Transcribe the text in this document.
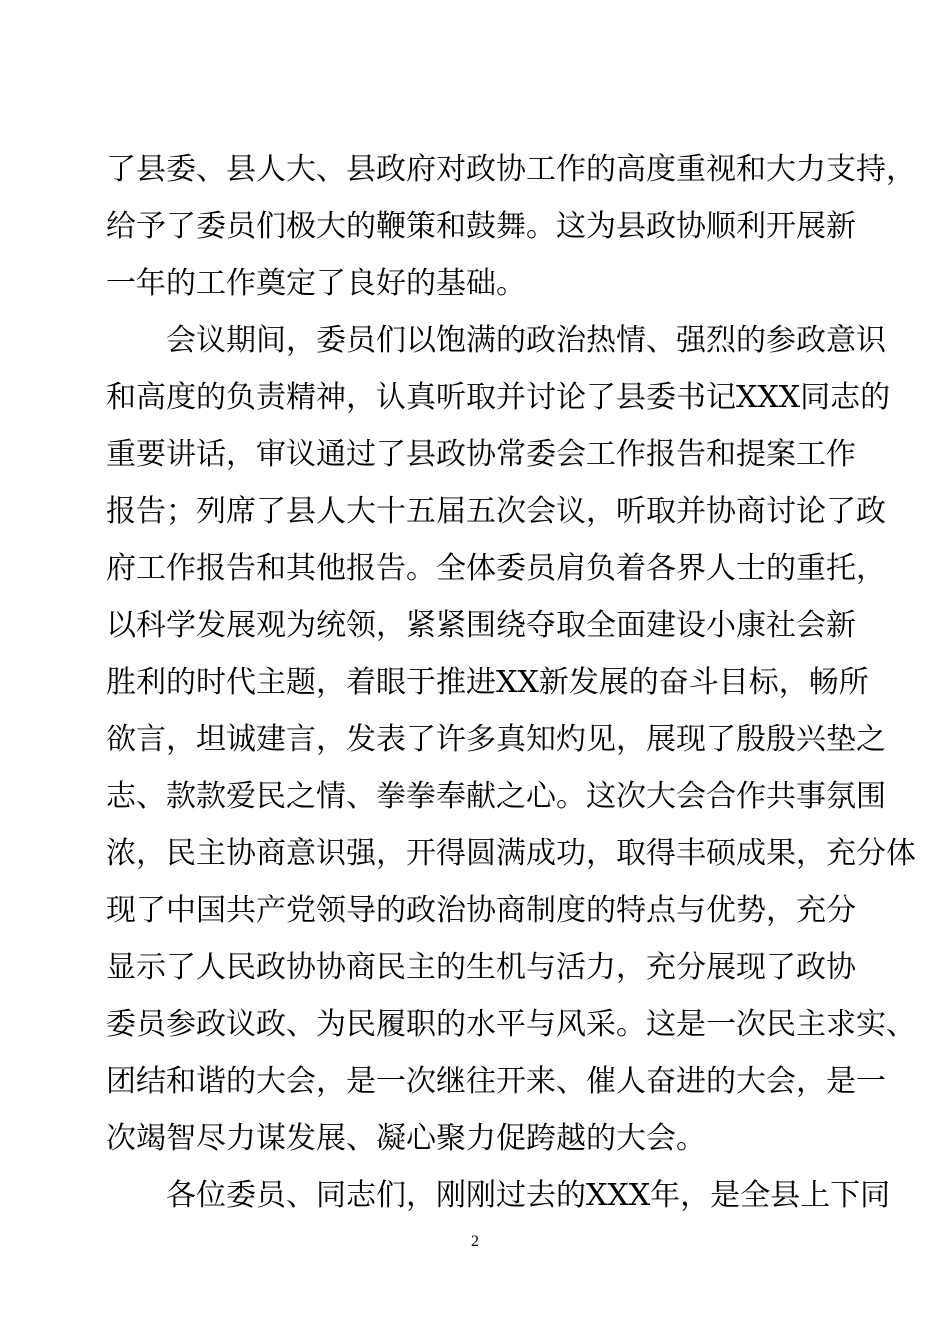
了县委、县人大、县政府对政协工作的高度重视和大力支持，
给予了委员们极大的鞭策和鼓舞。这为县政协顺利开展新
一年的工作奠定了良好的基础。
会议期间，委员们以饱满的政治热情、强烈的参政意识
和高度的负责精神，认真听取并讨论了县委书记XXX同志的
重要讲话，审议通过了县政协常委会工作报告和提案工作
报告；列席了县人大十五届五次会议，听取并协商讨论了政
府工作报告和其他报告。全体委员肩负着各界人士的重托，
以科学发展观为统领，紧紧围绕夺取全面建设小康社会新
胜利的时代主题，着眼于推进XX新发展的奋斗目标，畅所
欲言，坦诚建言，发表了许多真知灼见，展现了殷殷兴垫之
志、款款爱民之情、拳拳奉献之心。这次大会合作共事氛围
浓，民主协商意识强，开得圆满成功，取得丰硕成果，充分体
现了中国共产党领导的政治协商制度的特点与优势，充分
显示了人民政协协商民主的生机与活力，充分展现了政协
委员参政议政、为民履职的水平与风采。这是一次民主求实、
团结和谐的大会，是一次继往开来、催人奋进的大会，是一
次竭智尽力谋发展、凝心聚力促跨越的大会。
各位委员、同志们，刚刚过去的XXX年，是全县上下同
2
